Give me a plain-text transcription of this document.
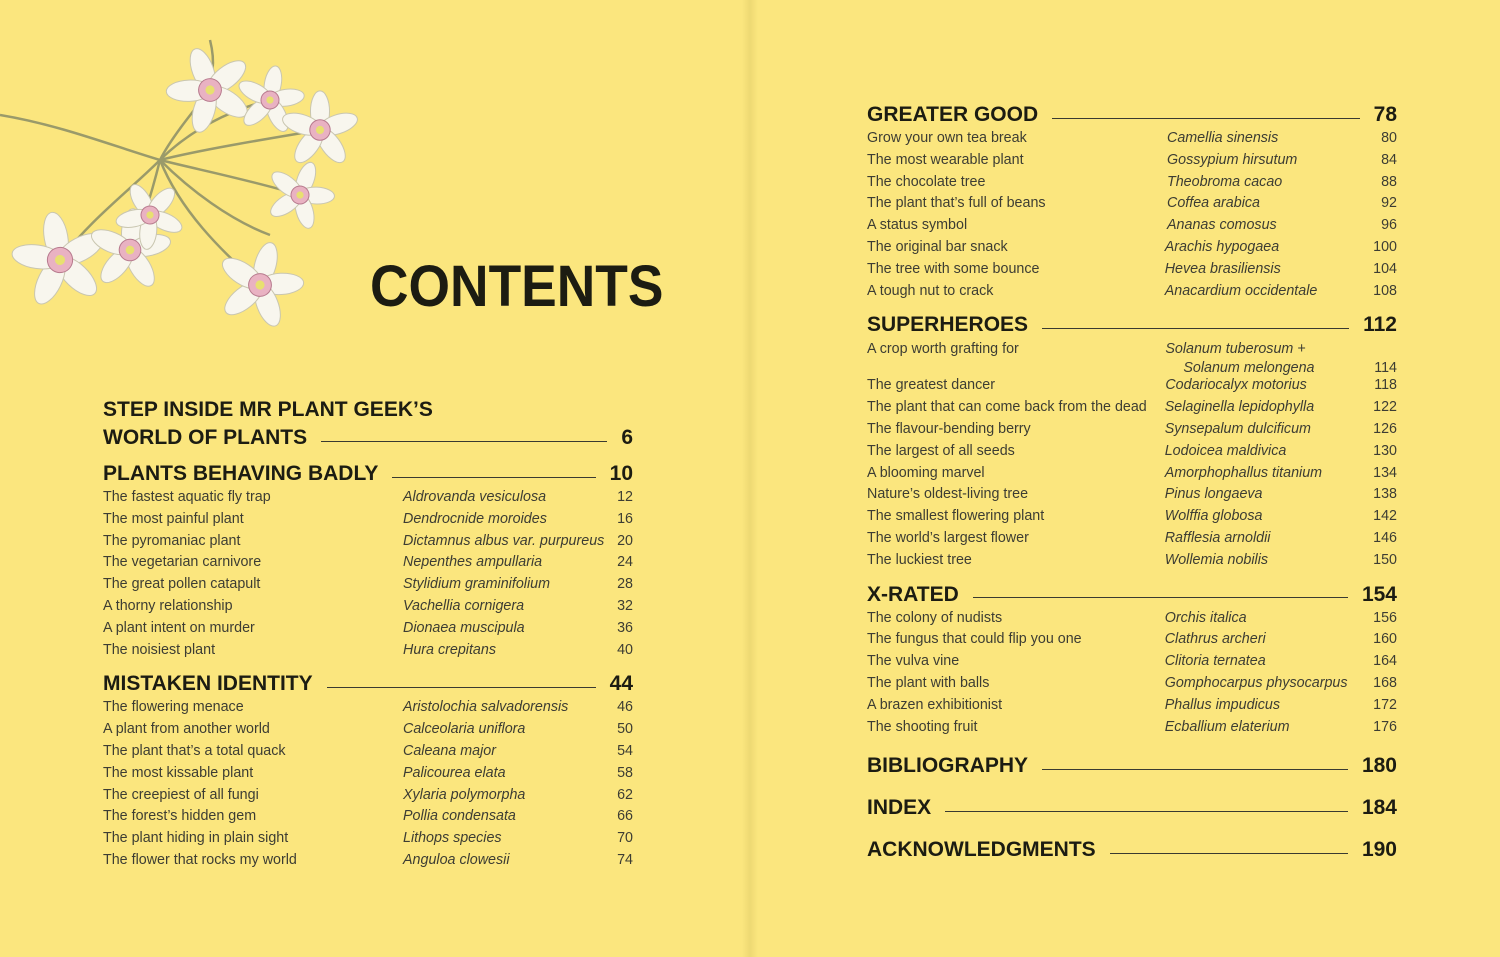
CONTENTS
STEP INSIDE MR PLANT GEEK’S
WORLD OF PLANTS	6
PLANTS BEHAVING BADLY	10
The fastest aquatic fly trap	Aldrovanda vesiculosa	12
The most painful plant	Dendrocnide moroides	16
The pyromaniac plant	Dictamnus albus var. purpureus 20
The vegetarian carnivore	Nepenthes ampullaria	24
The great pollen catapult	Stylidium graminifolium	28
A thorny relationship	Vachellia cornigera	32
A plant intent on murder	Dionaea muscipula	36
The noisiest plant	Hura crepitans	40
MISTAKEN IDENTITY	44
The flowering menace	Aristolochia salvadorensis	46
A plant from another world	Calceolaria uniflora	50
The plant that’s a total quack	Caleana major	54
The most kissable plant	Palicourea elata	58
The creepiest of all fungi	Xylaria polymorpha	62
The forest’s hidden gem	Pollia condensata	66
The plant hiding in plain sight	Lithops species	70
The flower that rocks my world	Anguloa clowesii	74
GREATER GOOD	78
Grow your own tea break	Camellia sinensis	80
The most wearable plant	Gossypium hirsutum	84
The chocolate tree	Theobroma cacao	88
The plant that’s full of beans	Coffea arabica	92
A status symbol	Ananas comosus	96
The original bar snack	Arachis hypogaea	100
The tree with some bounce	Hevea brasiliensis	104
A tough nut to crack	Anacardium occidentale	108
SUPERHEROES	112
A crop worth grafting for	Solanum tuberosum +
Solanum melongena	114
The greatest dancer	Codariocalyx motorius	118
The plant that can come back from the dead	Selaginella lepidophylla	122
The flavour-bending berry	Synsepalum dulcificum	126
The largest of all seeds	Lodoicea maldivica	130
A blooming marvel	Amorphophallus titanium	134
Nature’s oldest-living tree	Pinus longaeva	138
The smallest flowering plant	Wolffia globosa	142
The world’s largest flower	Rafflesia arnoldii	146
The luckiest tree	Wollemia nobilis	150
X-RATED	154
The colony of nudists	Orchis italica	156
The fungus that could flip you one	Clathrus archeri	160
The vulva vine	Clitoria ternatea	164
The plant with balls	Gomphocarpus physocarpus	168
A brazen exhibitionist	Phallus impudicus	172
The shooting fruit	Ecballium elaterium	176
BIBLIOGRAPHY	180
INDEX	184
ACKNOWLEDGMENTS	190
